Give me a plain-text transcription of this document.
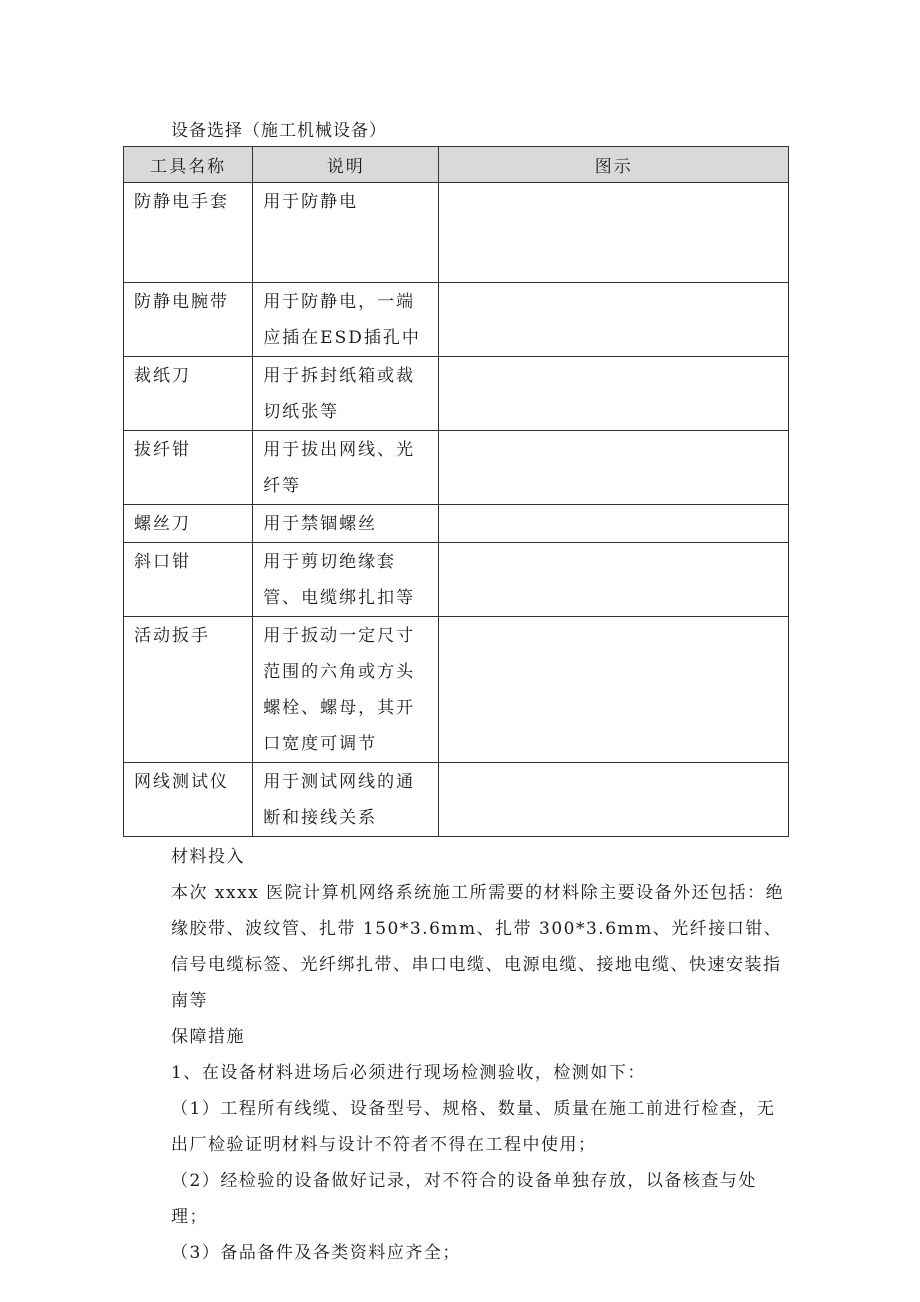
设备选择（施工机械设备）
工具名称	说明	图示
防静电手套	用于防静电	
防静电腕带	用于防静电，一端应插在ESD插孔中	
裁纸刀	用于拆封纸箱或裁切纸张等	
拔纤钳	用于拔出网线、光纤等	
螺丝刀	用于禁锢螺丝	
斜口钳	用于剪切绝缘套管、电缆绑扎扣等	
活动扳手	用于扳动一定尺寸范围的六角或方头螺栓、螺母，其开口宽度可调节	
网线测试仪	用于测试网线的通断和接线关系	

材料投入

本次 xxxx 医院计算机网络系统施工所需要的材料除主要设备外还包括：绝缘胶带、波纹管、扎带 150*3.6mm、扎带 300*3.6mm、光纤接口钳、信号电缆标签、光纤绑扎带、串口电缆、电源电缆、接地电缆、快速安装指南等

保障措施

1、在设备材料进场后必须进行现场检测验收，检测如下：

（1）工程所有线缆、设备型号、规格、数量、质量在施工前进行检查，无出厂检验证明材料与设计不符者不得在工程中使用；

（2）经检验的设备做好记录，对不符合的设备单独存放，以备核查与处理；

（3）备品备件及各类资料应齐全；
